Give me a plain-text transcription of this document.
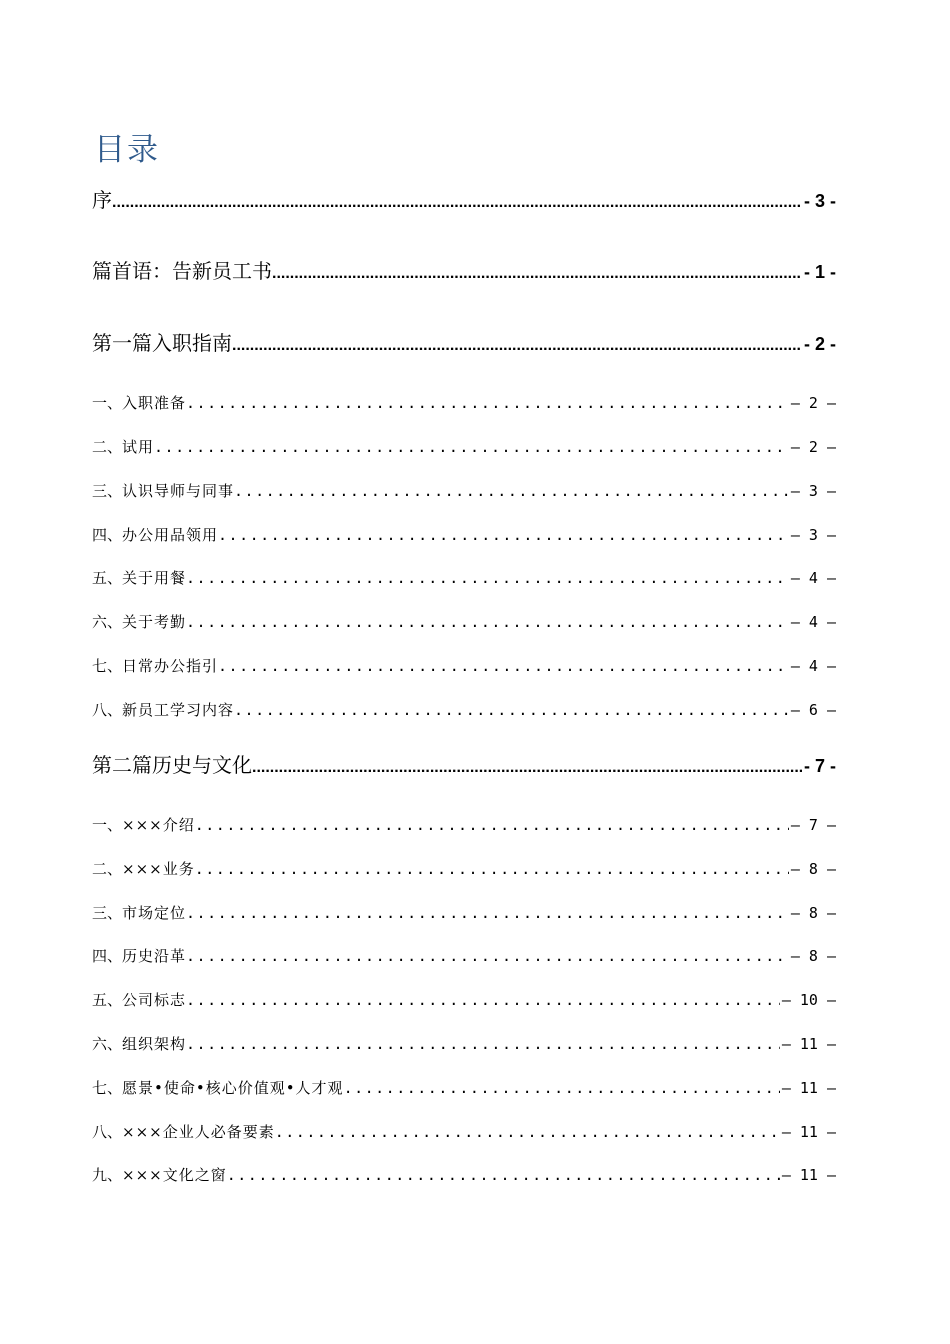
目录
序 .....	- 3 -
篇首语：告新员工书 .....	- 1 -
第一篇入职指南 .....	- 2 -
一、 入职准备 .....	– 2 –
二、 试用 .....	– 2 –
三、 认识导师与同事 .....	– 3 –
四、 办公用品领用 .....	– 3 –
五、 关于用餐 .....	– 4 –
六、 关于考勤 .....	– 4 –
七、 日常办公指引 .....	– 4 –
八、 新员工学习内容 .....	– 6 –
第二篇历史与文化 .....	- 7 -
一、 ×××介绍 .....	– 7 –
二、 ×××业务 .....	– 8 –
三、 市场定位 .....	– 8 –
四、 历史沿革 .....	– 8 –
五、 公司标志 .....	– 10 –
六、 组织架构 .....	– 11 –
七、 愿景•使命•核心价值观•人才观 .....	– 11 –
八、 ×××企业人必备要素 .....	– 11 –
九、 ×××文化之窗 .....	– 11 –
